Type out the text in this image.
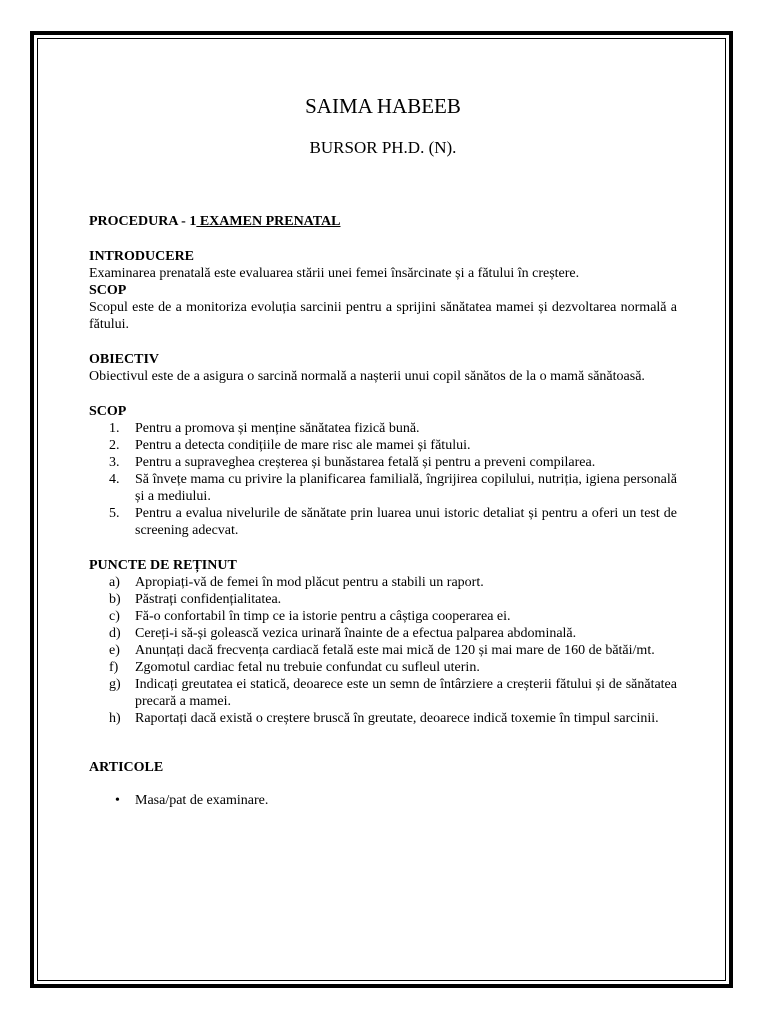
SAIMA HABEEB
BURSOR PH.D. (N).
PROCEDURA - 1 EXAMEN PRENATAL

INTRODUCERE

Examinarea prenatală este evaluarea stării unei femei însărcinate și a fătului în creștere.

SCOP

Scopul este de a monitoriza evoluția sarcinii pentru a sprijini sănătatea mamei și dezvoltarea normală a fătului.

OBIECTIV

Obiectivul este de a asigura o sarcină normală a nașterii unui copil sănătos de la o mamă sănătoasă.

SCOP

1. Pentru a promova și menține sănătatea fizică bună.
2. Pentru a detecta condițiile de mare risc ale mamei și fătului.
3. Pentru a supraveghea creșterea și bunăstarea fetală și pentru a preveni compilarea.
4. Să învețe mama cu privire la planificarea familială, îngrijirea copilului, nutriția, igiena personală și a mediului.
5. Pentru a evalua nivelurile de sănătate prin luarea unui istoric detaliat și pentru a oferi un test de screening adecvat.

PUNCTE DE REȚINUT

a) Apropiați-vă de femei în mod plăcut pentru a stabili un raport.
b) Păstrați confidențialitatea.
c) Fă-o confortabil în timp ce ia istorie pentru a câștiga cooperarea ei.
d) Cereți-i să-și golească vezica urinară înainte de a efectua palparea abdominală.
e) Anunțați dacă frecvența cardiacă fetală este mai mică de 120 și mai mare de 160 de bătăi/mt.
f) Zgomotul cardiac fetal nu trebuie confundat cu sufleul uterin.
g) Indicați greutatea ei statică, deoarece este un semn de întârziere a creșterii fătului și de sănătatea precară a mamei.
h) Raportați dacă există o creștere bruscă în greutate, deoarece indică toxemie în timpul sarcinii.

ARTICOLE

• Masa/pat de examinare.
